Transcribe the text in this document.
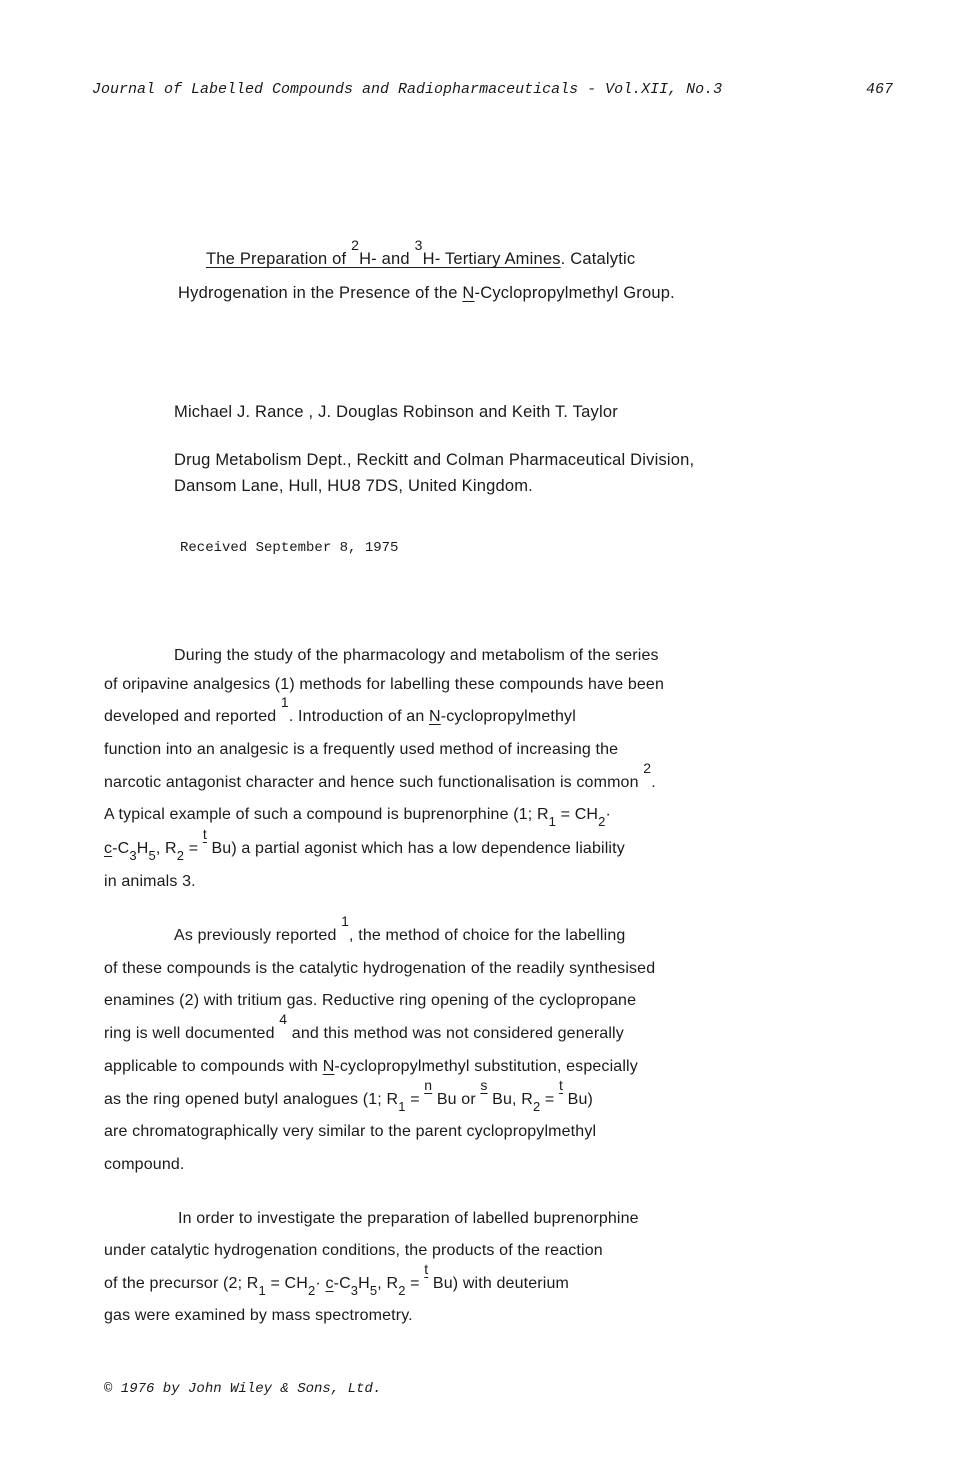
Journal of Labelled Compounds and Radiopharmaceuticals - Vol.XII, No.3	467
The Preparation of $^2$H- and $^3$H- Tertiary Amines. Catalytic
Hydrogenation in the Presence of the N-Cyclopropylmethyl Group.
Michael J. Rance , J. Douglas Robinson and Keith T. Taylor
Drug Metabolism Dept., Reckitt and Colman Pharmaceutical Division,
Dansom Lane, Hull, HU8 7DS, United Kingdom.
Received September 8, 1975
During the study of the pharmacology and metabolism of the series
of oripavine analgesics (1) methods for labelling these compounds have been
developed and reported 1. Introduction of an N-cyclopropylmethyl
function into an analgesic is a frequently used method of increasing the
narcotic antagonist character and hence such functionalisation is common 2.
A typical example of such a compound is buprenorphine (1; $R_1 = CH_2\cdot$
$c-C_3H_5$, $R_2 = t$ Bu) a partial agonist which has a low dependence liability
in animals 3.
As previously reported 1, the method of choice for the labelling
of these compounds is the catalytic hydrogenation of the readily synthesised
enamines (2) with tritium gas. Reductive ring opening of the cyclopropane
ring is well documented 4 and this method was not considered generally
applicable to compounds with N-cyclopropylmethyl substitution, especially
as the ring opened butyl analogues (1; $R_1 = n$ Bu or s Bu, $R_2 = t$ Bu)
are chromatographically very similar to the parent cyclopropylmethyl
compound.
In order to investigate the preparation of labelled buprenorphine
under catalytic hydrogenation conditions, the products of the reaction
of the precursor (2; $R_1 = CH_2\cdot c-C_3H_5$, $R_2 = t$ Bu) with deuterium
gas were examined by mass spectrometry.
© 1976 by John Wiley & Sons, Ltd.
